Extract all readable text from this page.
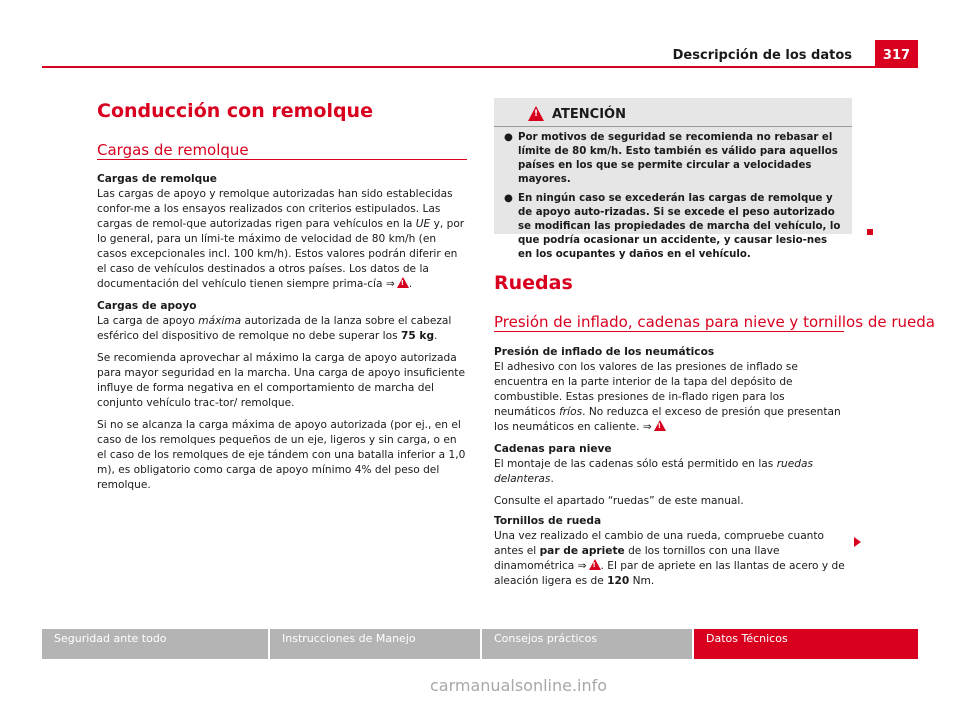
Descripción de los datos	317
Conducción con remolque
Cargas de remolque

Cargas de remolque

Las cargas de apoyo y remolque autorizadas han sido establecidas confor-me a los ensayos realizados con criterios estipulados. Las cargas de remol-que autorizadas rigen para vehículos en la UE y, por lo general, para un lími-te máximo de velocidad de 80 km/h (en casos excepcionales incl. 100 km/h). Estos valores podrán diferir en el caso de vehículos destinados a otros países. Los datos de la documentación del vehículo tienen siempre prima-cía ⇒ ! .

Cargas de apoyo

La carga de apoyo máxima autorizada de la lanza sobre el cabezal esférico del dispositivo de remolque no debe superar los 75 kg.

Se recomienda aprovechar al máximo la carga de apoyo autorizada para mayor seguridad en la marcha. Una carga de apoyo insuficiente influye de forma negativa en el comportamiento de marcha del conjunto vehículo trac-tor/ remolque.

Si no se alcanza la carga máxima de apoyo autorizada (por ej., en el caso de los remolques pequeños de un eje, ligeros y sin carga, o en el caso de los remolques de eje tándem con una batalla inferior a 1,0 m), es obligatorio como carga de apoyo mínimo 4% del peso del remolque.

!
ATENCIÓN
● Por motivos de seguridad se recomienda no rebasar el límite de 80 km/h. Esto también es válido para aquellos países en los que se permite circular a velocidades mayores.
● En ningún caso se excederán las cargas de remolque y de apoyo auto-rizadas. Si se excede el peso autorizado se modifican las propiedades de marcha del vehículo, lo que podría ocasionar un accidente, y causar lesio-nes en los ocupantes y daños en el vehículo.
Ruedas
Presión de inflado, cadenas para nieve y tornillos de rueda

Presión de inflado de los neumáticos

El adhesivo con los valores de las presiones de inflado se encuentra en la parte interior de la tapa del depósito de combustible. Estas presiones de in-flado rigen para los neumáticos fríos. No reduzca el exceso de presión que presentan los neumáticos en caliente. ⇒!

Cadenas para nieve

El montaje de las cadenas sólo está permitido en las ruedas delanteras.

Consulte el apartado “ruedas” de este manual.

Tornillos de rueda

Una vez realizado el cambio de una rueda, compruebe cuanto antes el par de apriete de los tornillos con una llave dinamométrica ⇒ ! . El par de apriete en las llantas de acero y de aleación ligera es de 120 Nm.

Seguridad ante todo	Instrucciones de Manejo	Consejos prácticos	Datos Técnicos
carmanualsonline.info
